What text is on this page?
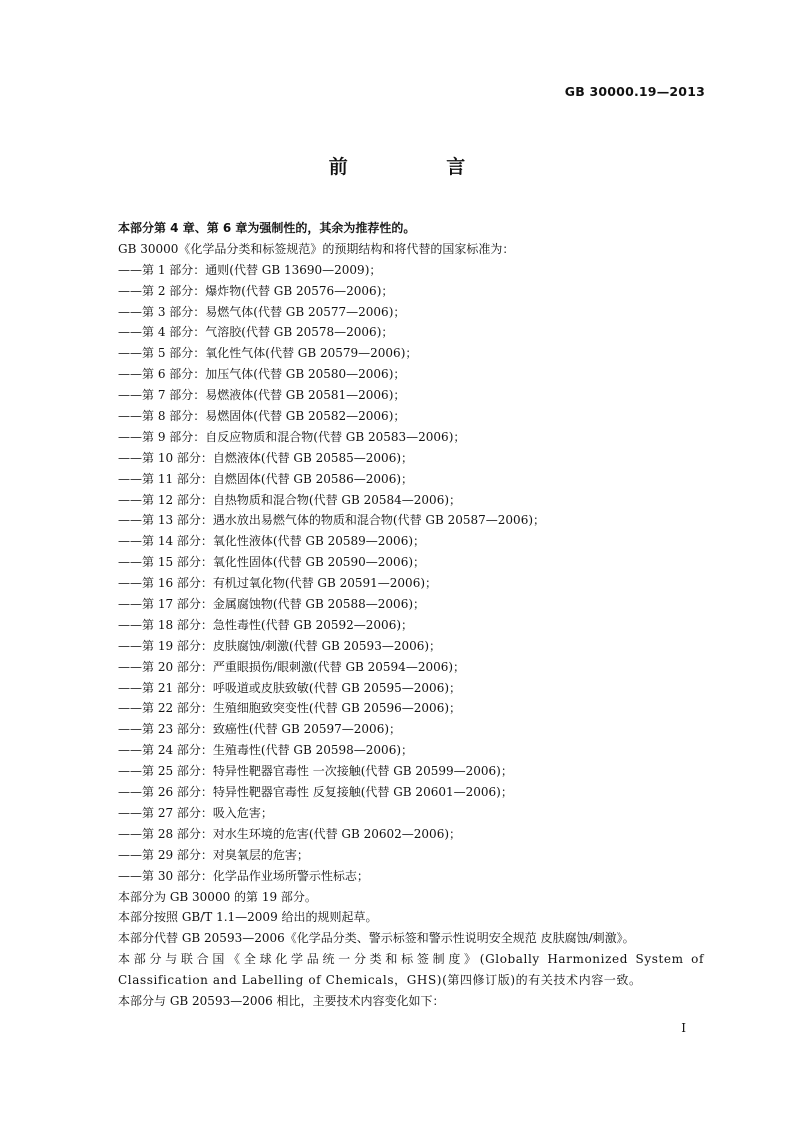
GB 30000.19—2013

前 言

本部分第 4 章、第 6 章为强制性的，其余为推荐性的。

GB 30000《化学品分类和标签规范》的预期结构和将代替的国家标准为：

——第 1 部分：通则(代替 GB 13690—2009)；

——第 2 部分：爆炸物(代替 GB 20576—2006)；

——第 3 部分：易燃气体(代替 GB 20577—2006)；

——第 4 部分：气溶胶(代替 GB 20578—2006)；

——第 5 部分：氧化性气体(代替 GB 20579—2006)；

——第 6 部分：加压气体(代替 GB 20580—2006)；

——第 7 部分：易燃液体(代替 GB 20581—2006)；

——第 8 部分：易燃固体(代替 GB 20582—2006)；

——第 9 部分：自反应物质和混合物(代替 GB 20583—2006)；

——第 10 部分：自燃液体(代替 GB 20585—2006)；

——第 11 部分：自燃固体(代替 GB 20586—2006)；

——第 12 部分：自热物质和混合物(代替 GB 20584—2006)；

——第 13 部分：遇水放出易燃气体的物质和混合物(代替 GB 20587—2006)；

——第 14 部分：氧化性液体(代替 GB 20589—2006)；

——第 15 部分：氧化性固体(代替 GB 20590—2006)；

——第 16 部分：有机过氧化物(代替 GB 20591—2006)；

——第 17 部分：金属腐蚀物(代替 GB 20588—2006)；

——第 18 部分：急性毒性(代替 GB 20592—2006)；

——第 19 部分：皮肤腐蚀/刺激(代替 GB 20593—2006)；

——第 20 部分：严重眼损伤/眼刺激(代替 GB 20594—2006)；

——第 21 部分：呼吸道或皮肤致敏(代替 GB 20595—2006)；

——第 22 部分：生殖细胞致突变性(代替 GB 20596—2006)；

——第 23 部分：致癌性(代替 GB 20597—2006)；

——第 24 部分：生殖毒性(代替 GB 20598—2006)；

——第 25 部分：特异性靶器官毒性 一次接触(代替 GB 20599—2006)；

——第 26 部分：特异性靶器官毒性 反复接触(代替 GB 20601—2006)；

——第 27 部分：吸入危害；

——第 28 部分：对水生环境的危害(代替 GB 20602—2006)；

——第 29 部分：对臭氧层的危害；

——第 30 部分：化学品作业场所警示性标志；

本部分为 GB 30000 的第 19 部分。

本部分按照 GB/T 1.1—2009 给出的规则起草。

本部分代替 GB 20593—2006《化学品分类、警示标签和警示性说明安全规范 皮肤腐蚀/刺激》。

本部分与联合国《全球化学品统一分类和标签制度》(Globally Harmonized System of Classification and Labelling of Chemicals，GHS)(第四修订版)的有关技术内容一致。

本部分与 GB 20593—2006 相比，主要技术内容变化如下：

I
